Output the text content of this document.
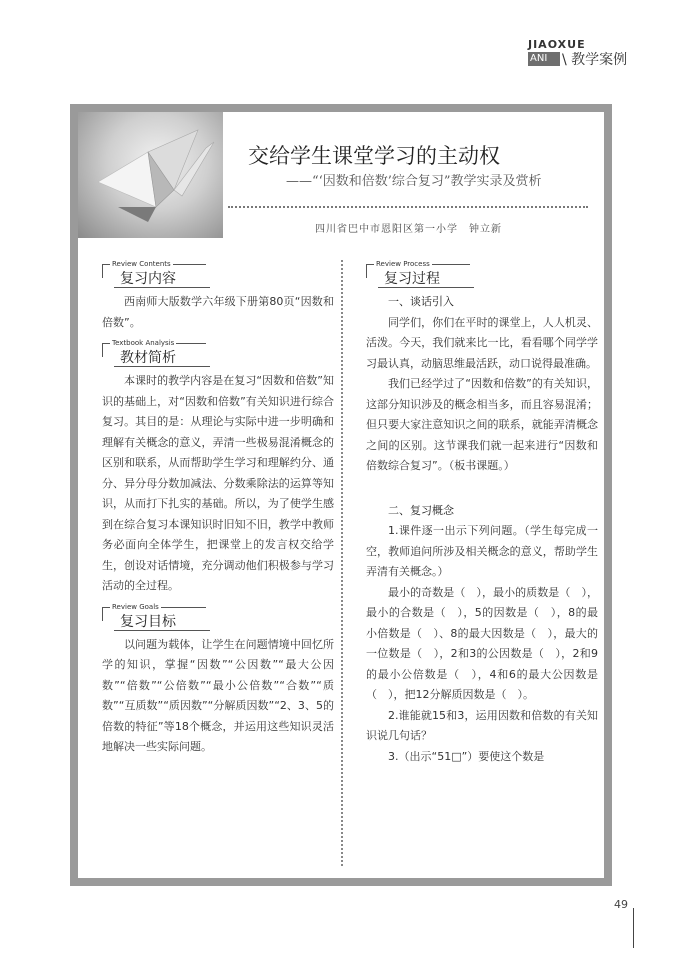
JIAOXUE
ANI	\ 教学案例
交给学生课堂学习的主动权
——“‘因数和倍数’综合复习”教学实录及赏析
四川省巴中市恩阳区第一小学　钟立新
Review Contents
复习内容

西南师大版数学六年级下册第80页“因数和倍数”。

Textbook Analysis
教材简析

本课时的教学内容是在复习“因数和倍数”知识的基础上，对“因数和倍数”有关知识进行综合复习。其目的是：从理论与实际中进一步明确和理解有关概念的意义，弄清一些极易混淆概念的区别和联系，从而帮助学生学习和理解约分、通分、异分母分数加减法、分数乘除法的运算等知识，从而打下扎实的基础。所以，为了使学生感到在综合复习本课知识时旧知不旧，教学中教师务必面向全体学生，把课堂上的发言权交给学生，创设对话情境，充分调动他们积极参与学习活动的全过程。

Review Goals
复习目标

以问题为载体，让学生在问题情境中回忆所学的知识，掌握“因数”“公因数”“最大公因数”“倍数”“公倍数”“最小公倍数”“合数”“质数”“互质数”“质因数”“分解质因数”“2、3、5的倍数的特征”等18个概念，并运用这些知识灵活地解决一些实际问题。

Review Process
复习过程

一、谈话引入

同学们，你们在平时的课堂上，人人机灵、活泼。今天，我们就来比一比，看看哪个同学学习最认真，动脑思维最活跃，动口说得最准确。

我们已经学过了“因数和倍数”的有关知识，这部分知识涉及的概念相当多，而且容易混淆；但只要大家注意知识之间的联系，就能弄清概念之间的区别。这节课我们就一起来进行“因数和倍数综合复习”。（板书课题。）

二、复习概念

1.课件逐一出示下列问题。（学生每完成一空，教师追问所涉及相关概念的意义，帮助学生弄清有关概念。）

最小的奇数是（　），最小的质数是（　），最小的合数是（　），5的因数是（　），8的最小倍数是（　）、8的最大因数是（　），最大的一位数是（　），2和3的公因数是（　），2和9的最小公倍数是（　），4和6的最大公因数是（　），把12分解质因数是（　）。

2.谁能就15和3，运用因数和倍数的有关知识说几句话？

3.（出示“51□”）要使这个数是

49
